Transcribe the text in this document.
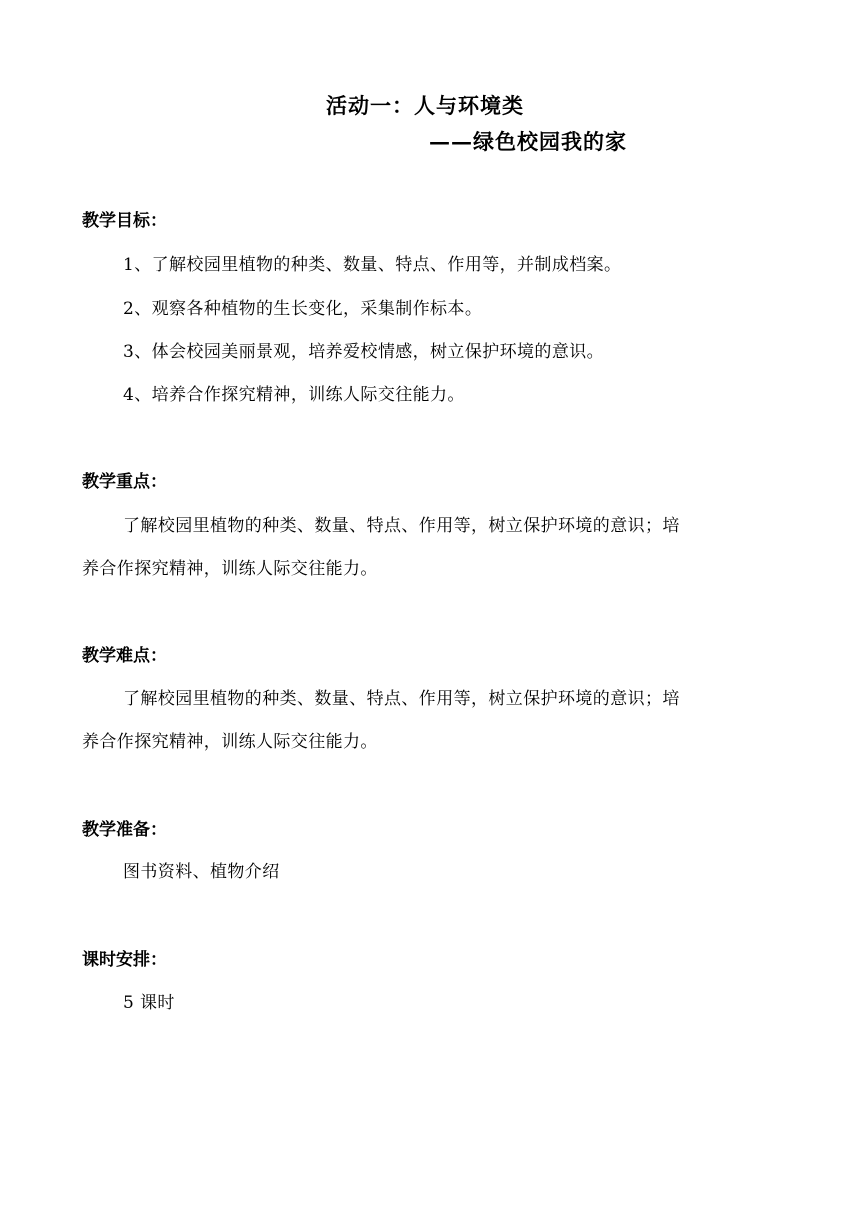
活动一：人与环境类
——绿色校园我的家
教学目标：
1、了解校园里植物的种类、数量、特点、作用等，并制成档案。
2、观察各种植物的生长变化，采集制作标本。
3、体会校园美丽景观，培养爱校情感，树立保护环境的意识。
4、培养合作探究精神，训练人际交往能力。
教学重点：
了解校园里植物的种类、数量、特点、作用等，树立保护环境的意识；培
养合作探究精神，训练人际交往能力。
教学难点：
了解校园里植物的种类、数量、特点、作用等，树立保护环境的意识；培
养合作探究精神，训练人际交往能力。
教学准备：
图书资料、植物介绍
课时安排：
5 课时
